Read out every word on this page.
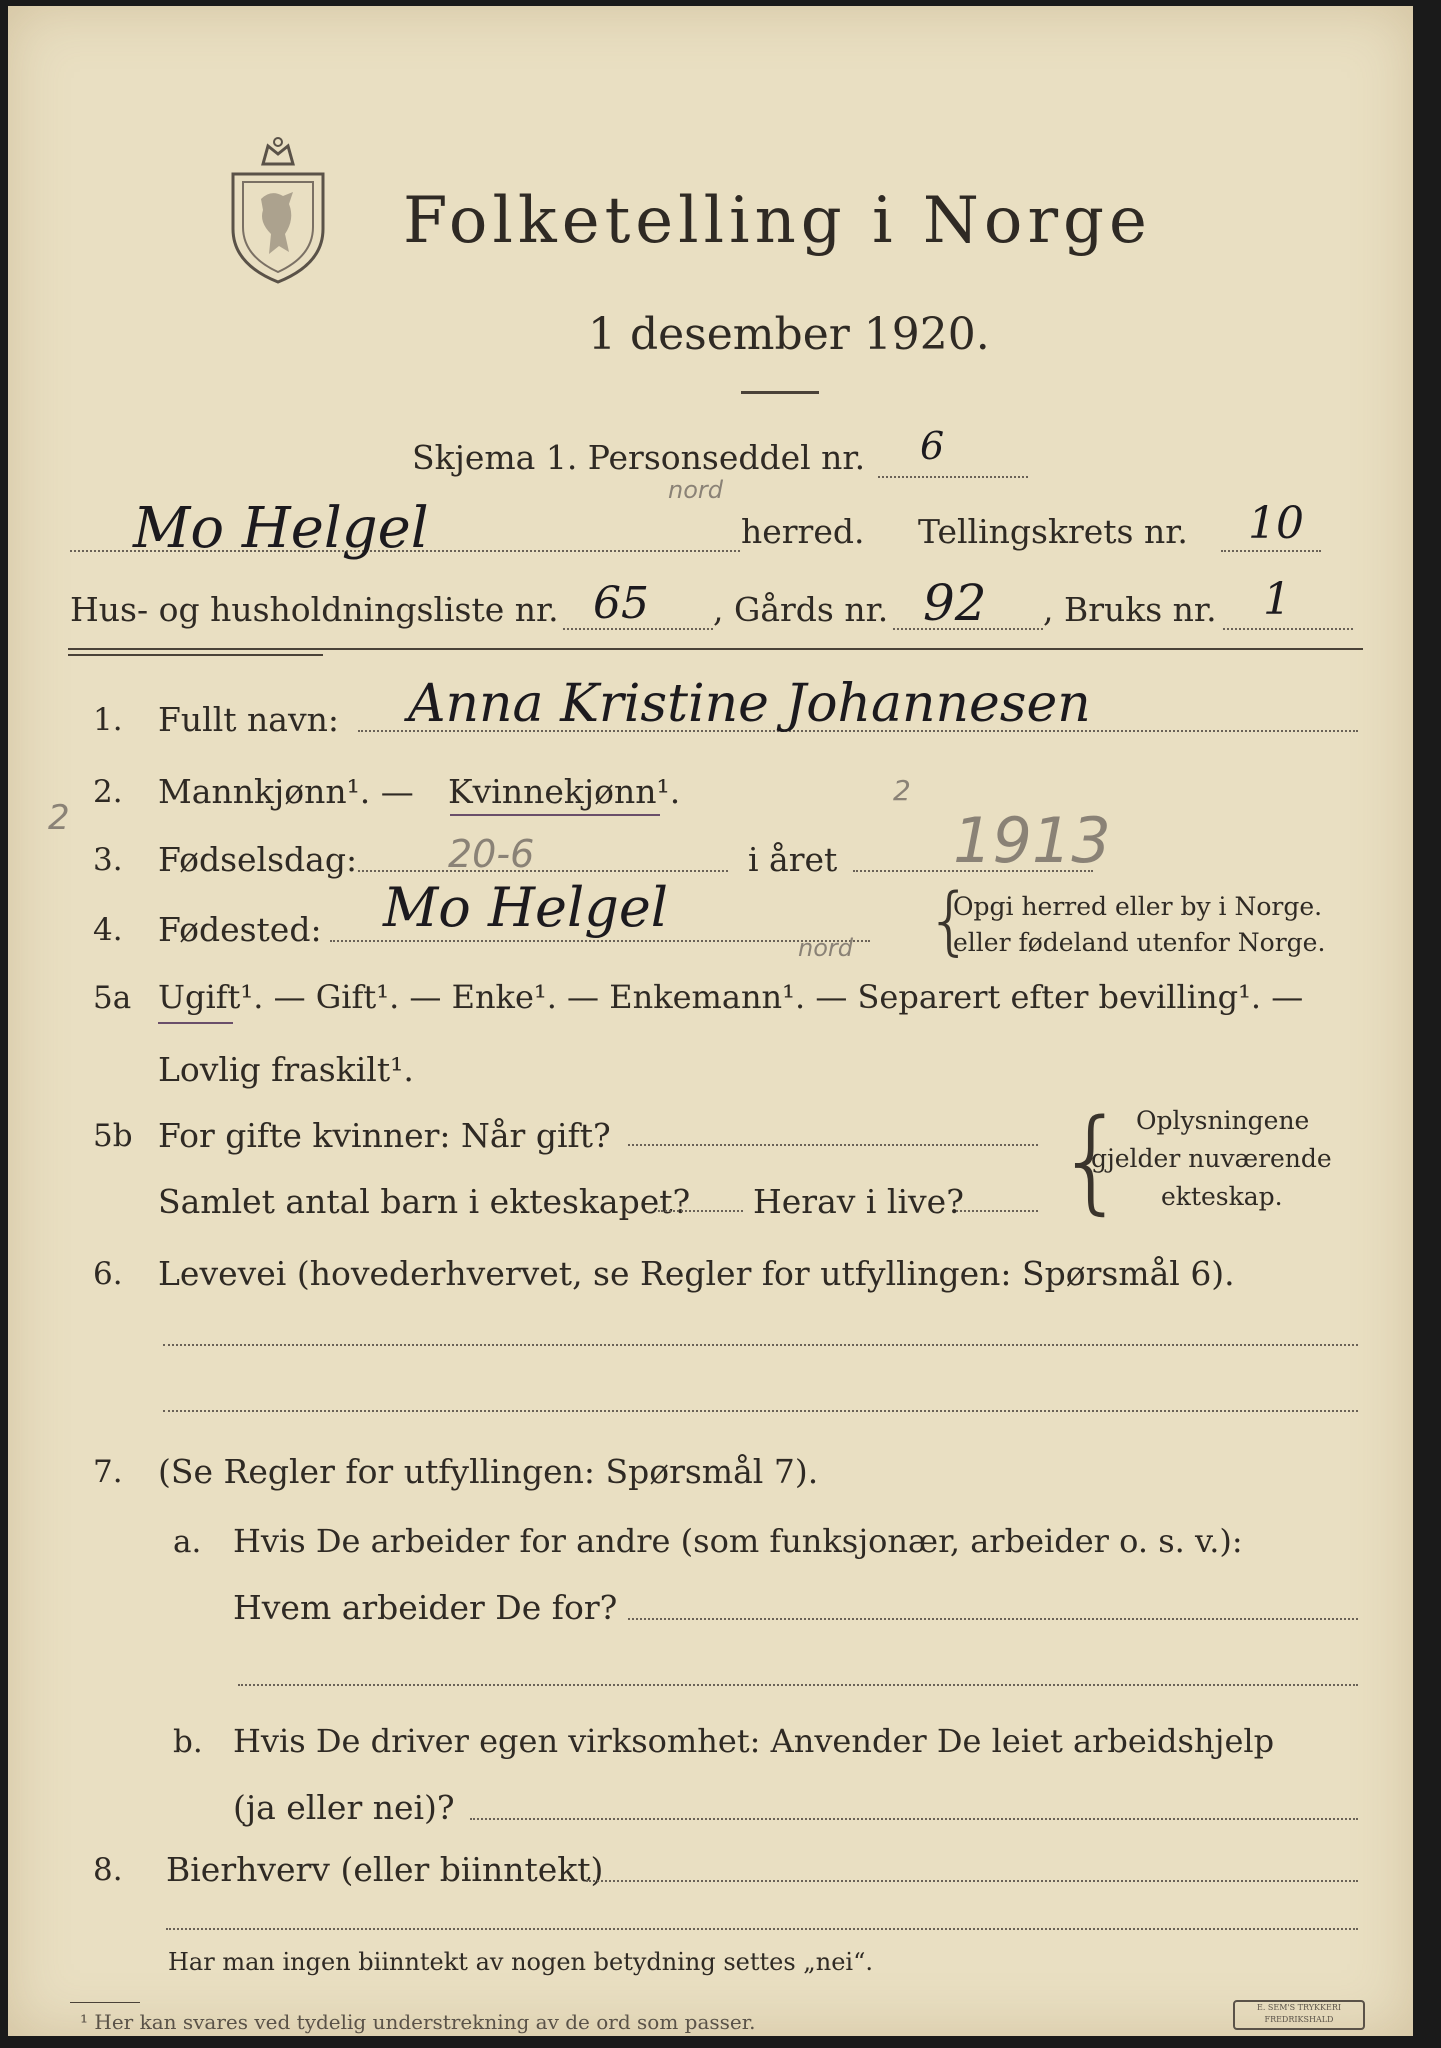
Folketelling i Norge
1 desember 1920.
Skjema 1. Personseddel nr. 6
Mo Helgel
nord
herred. Tellingskrets nr. 10
Hus- og husholdningsliste nr. 65 , Gårds nr. 92 , Bruks nr. 1
1. Fullt navn: Anna Kristine Johannesen
2
2. Mannkjønn¹. — Kvinnekjønn¹.
3. Fødselsdag: 20-6	i året
2
1913
4. Fødested: Mo Helgel
nord {
Opgi herred eller by i Norge.
eller fødeland utenfor Norge.
5a Ugift¹. — Gift¹. — Enke¹. — Enkemann¹. — Separert efter bevilling¹. —
Lovlig fraskilt¹.
5b For gifte kvinner: Når gift?
Samlet antal barn i ekteskapet? Herav i live? { Oplysningene
gjelder nuværende
ekteskap.
6. Levevei (hovederhvervet, se Regler for utfyllingen: Spørsmål 6).
7. (Se Regler for utfyllingen: Spørsmål 7).
a. Hvis De arbeider for andre (som funksjonær, arbeider o. s. v.):
Hvem arbeider De for?
b. Hvis De driver egen virksomhet: Anvender De leiet arbeidshjelp
(ja eller nei)?
8. Bierhverv (eller biinntekt)
Har man ingen biinntekt av nogen betydning settes „nei“.
¹ Her kan svares ved tydelig understrekning av de ord som passer.
E. SEM'S TRYKKERI FREDRIKSHALD
